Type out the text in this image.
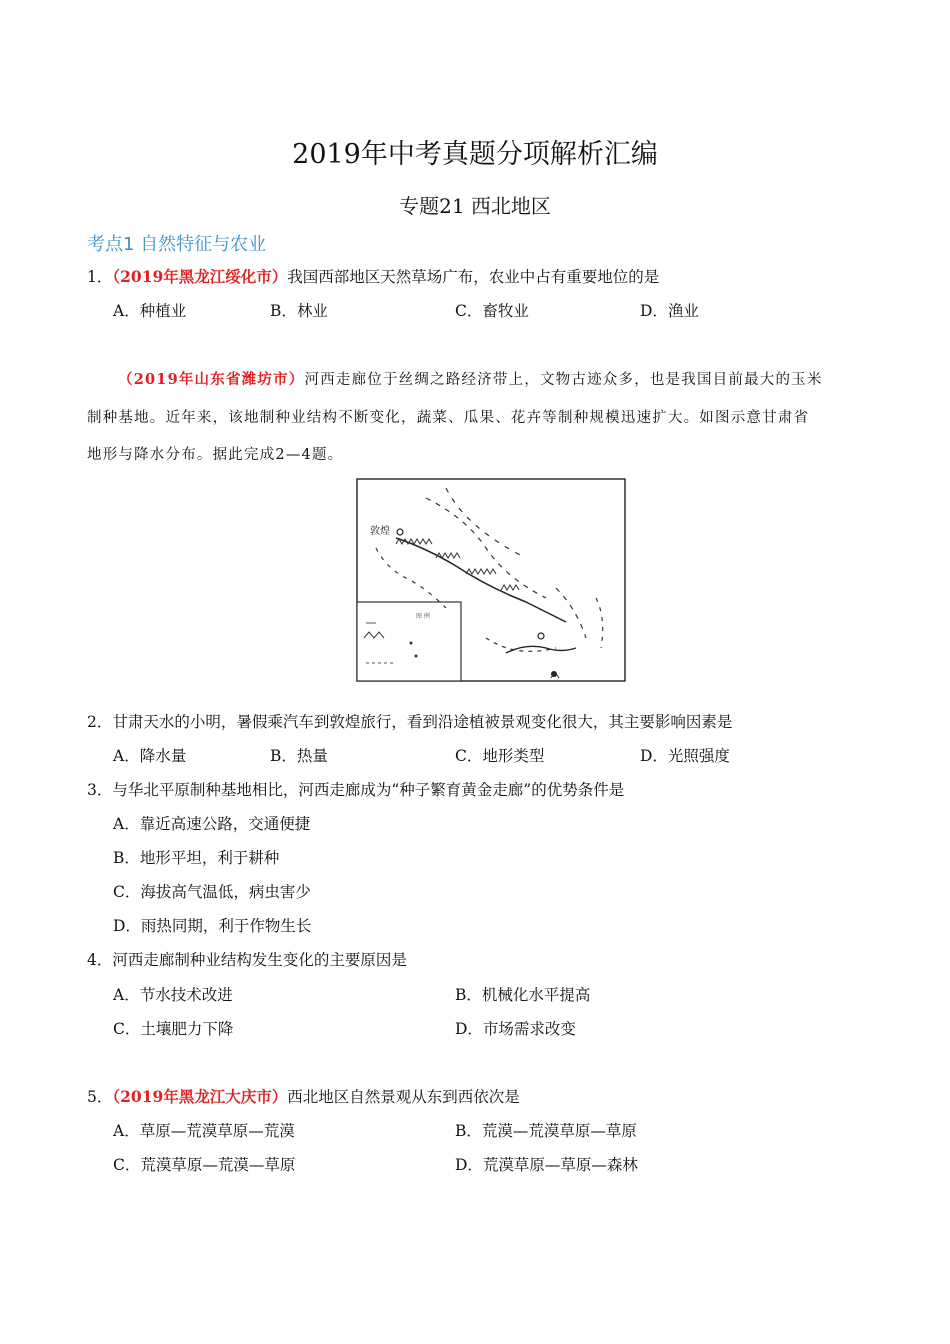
2019年中考真题分项解析汇编
专题21 西北地区
考点1 自然特征与农业
1．（2019年黑龙江绥化市）我国西部地区天然草场广布，农业中占有重要地位的是
A．种植业	B．林业	C．畜牧业	D．渔业
（2019年山东省潍坊市）河西走廊位于丝绸之路经济带上，文物古迹众多，也是我国目前最大的玉米
制种基地。近年来，该地制种业结构不断变化，蔬菜、瓜果、花卉等制种规模迅速扩大。如图示意甘肃省
地形与降水分布。据此完成2—4题。
图 例
敦煌
2．甘肃天水的小明，暑假乘汽车到敦煌旅行，看到沿途植被景观变化很大，其主要影响因素是
A．降水量	B．热量	C．地形类型	D．光照强度
3．与华北平原制种基地相比，河西走廊成为“种子繁育黄金走廊”的优势条件是
A．靠近高速公路，交通便捷
B．地形平坦，利于耕种
C．海拔高气温低，病虫害少
D．雨热同期，利于作物生长
4．河西走廊制种业结构发生变化的主要原因是
A．节水技术改进	B．机械化水平提高
C．土壤肥力下降	D．市场需求改变
5．（2019年黑龙江大庆市）西北地区自然景观从东到西依次是
A．草原—荒漠草原—荒漠	B．荒漠—荒漠草原—草原
C．荒漠草原—荒漠—草原	D．荒漠草原—草原—森林
